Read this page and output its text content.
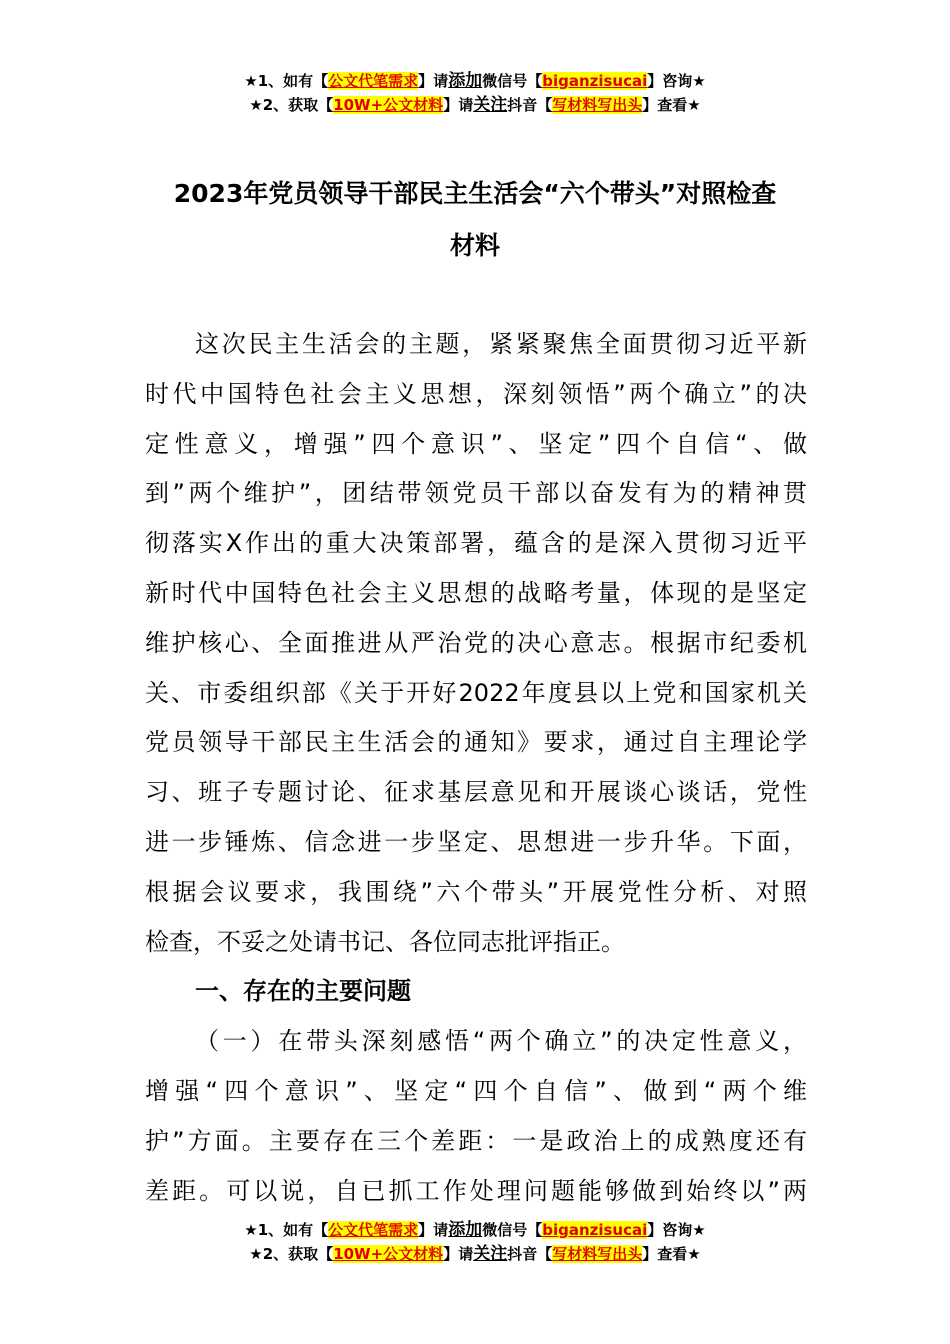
★1、如有【公文代笔需求】请添加微信号【biganzisucai】咨询★
★2、获取【10W+公文材料】请关注抖音【写材料写出头】查看★
2023年党员领导干部民主生活会“六个带头”对照检查
材料
这次民主生活会的主题，紧紧聚焦全面贯彻习近平新
时代中国特色社会主义思想，深刻领悟”两个确立”的决
定性意义，增强”四个意识”、坚定”四个自信“、做
到”两个维护”，团结带领党员干部以奋发有为的精神贯
彻落实X作出的重大决策部署，蕴含的是深入贯彻习近平
新时代中国特色社会主义思想的战略考量，体现的是坚定
维护核心、全面推进从严治党的决心意志。根据市纪委机
关、市委组织部《关于开好2022年度县以上党和国家机关
党员领导干部民主生活会的通知》要求，通过自主理论学
习、班子专题讨论、征求基层意见和开展谈心谈话，党性
进一步锤炼、信念进一步坚定、思想进一步升华。下面，
根据会议要求，我围绕”六个带头”开展党性分析、对照
检查，不妥之处请书记、各位同志批评指正。
一、存在的主要问题
（一）在带头深刻感悟“两个确立”的决定性意义，
增强“四个意识”、坚定“四个自信”、做到“两个维
护”方面。主要存在三个差距：一是政治上的成熟度还有
差距。可以说，自已抓工作处理问题能够做到始终以”两
★1、如有【公文代笔需求】请添加微信号【biganzisucai】咨询★
★2、获取【10W+公文材料】请关注抖音【写材料写出头】查看★
